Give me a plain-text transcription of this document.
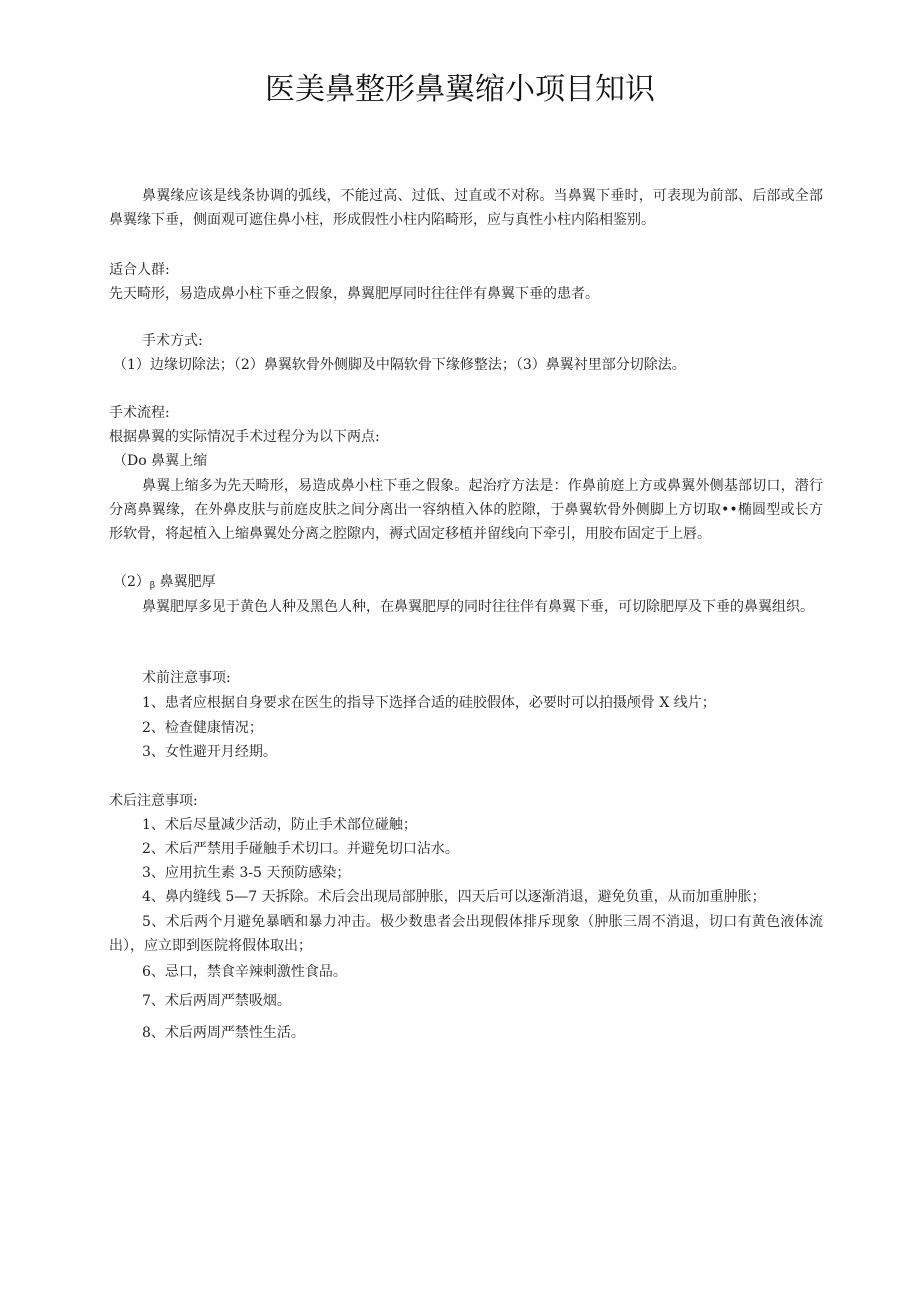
医美鼻整形鼻翼缩小项目知识
鼻翼缘应该是线条协调的弧线，不能过高、过低、过直或不对称。当鼻翼下垂时，可表现为前部、后部或全部鼻翼缘下垂，侧面观可遮住鼻小柱，形成假性小柱内陷畸形，应与真性小柱内陷相鉴别。
适合人群:
先天畸形，易造成鼻小柱下垂之假象，鼻翼肥厚同时往往伴有鼻翼下垂的患者。
手术方式:
（1）边缘切除法；（2）鼻翼软骨外侧脚及中隔软骨下缘修整法；（3）鼻翼衬里部分切除法。
手术流程:
根据鼻翼的实际情况手术过程分为以下两点:
（Do 鼻翼上缩
鼻翼上缩多为先天畸形，易造成鼻小柱下垂之假象。起治疗方法是：作鼻前庭上方或鼻翼外侧基部切口，潜行分离鼻翼缘，在外鼻皮肤与前庭皮肤之间分离出一容纳植入体的腔隙，于鼻翼软骨外侧脚上方切取••椭圆型或长方形软骨，将起植入上缩鼻翼处分离之腔隙内，褥式固定移植并留线向下牵引，用胶布固定于上唇。
（2）β 鼻翼肥厚
鼻翼肥厚多见于黄色人种及黑色人种，在鼻翼肥厚的同时往往伴有鼻翼下垂，可切除肥厚及下垂的鼻翼组织。
术前注意事项:
1、患者应根据自身要求在医生的指导下选择合适的硅胶假体，必要时可以拍摄颅骨 X 线片；
2、检查健康情况；
3、女性避开月经期。
术后注意事项:
1、术后尽量减少活动，防止手术部位碰触；
2、术后严禁用手碰触手术切口。并避免切口沾水。
3、应用抗生素 3-5 天预防感染；
4、鼻内缝线 5—7 天拆除。术后会出现局部肿胀，四天后可以逐渐消退，避免负重，从而加重肿胀；
5、术后两个月避免暴晒和暴力冲击。极少数患者会出现假体排斥现象（肿胀三周不消退，切口有黄色液体流出），应立即到医院将假体取出；
6、忌口，禁食辛辣刺激性食品。
7、术后两周严禁吸烟。
8、术后两周严禁性生活。
